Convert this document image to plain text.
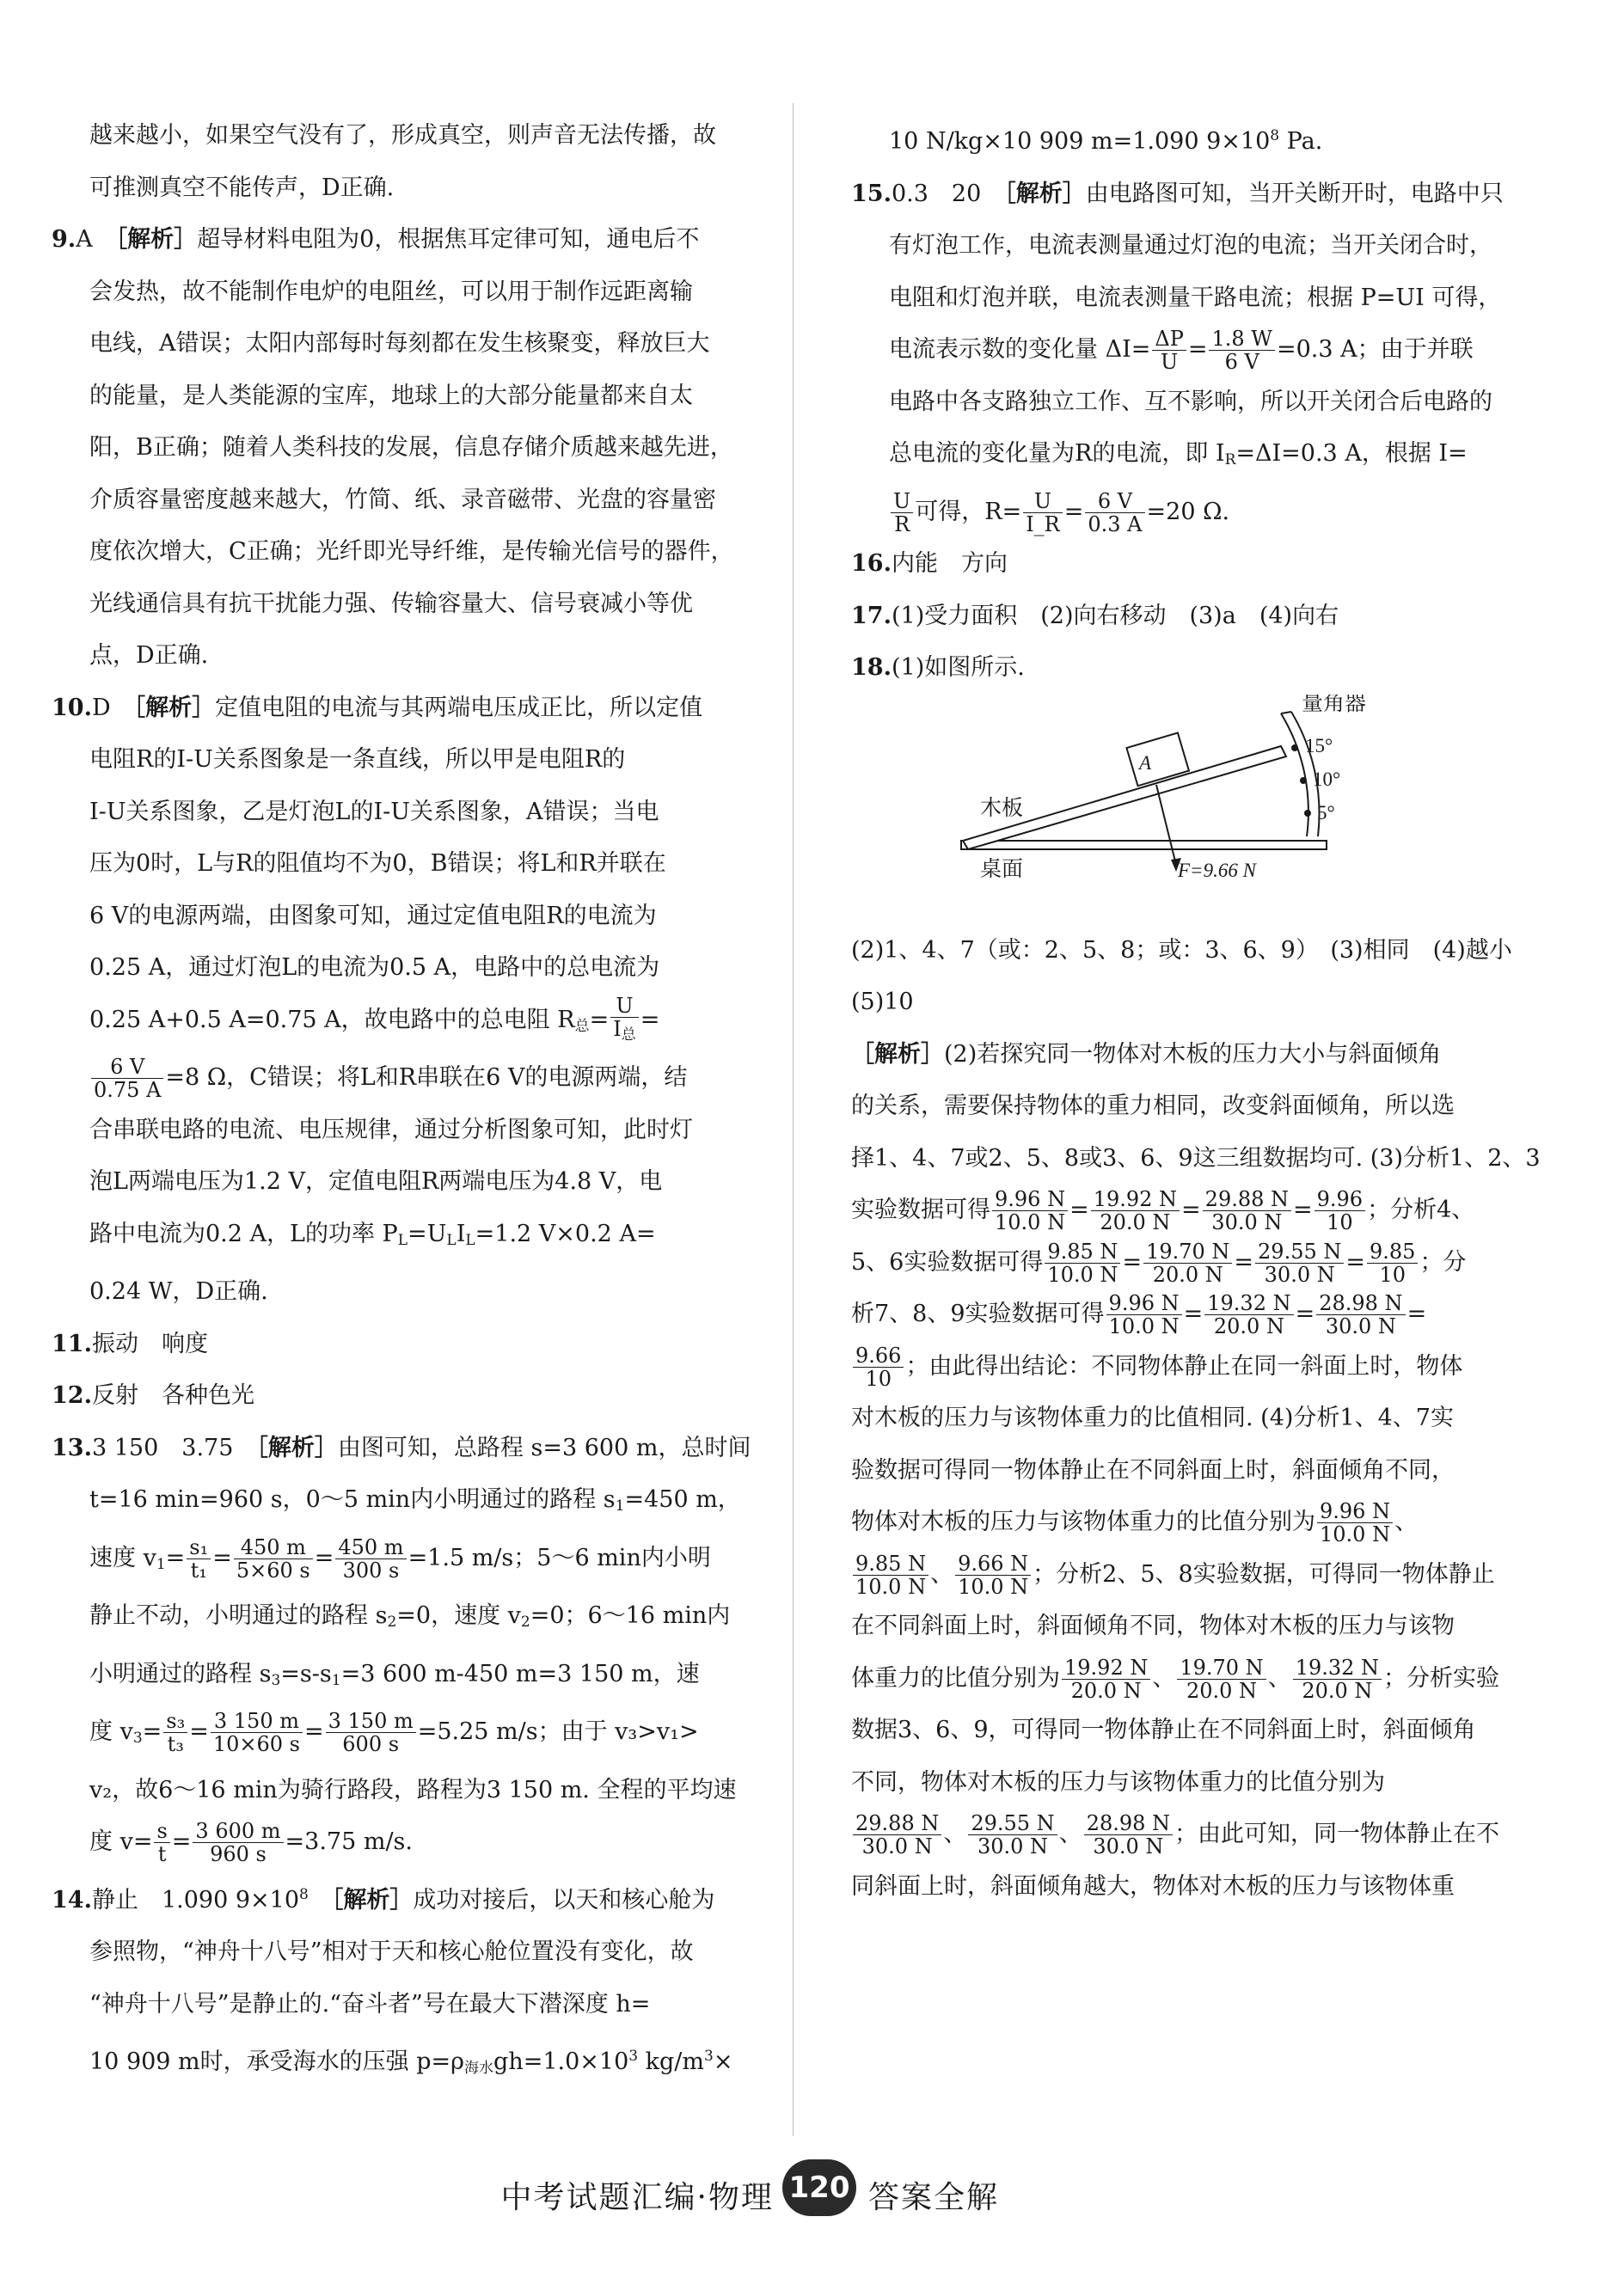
越来越小，如果空气没有了，形成真空，则声音无法传播，故
可推测真空不能传声，D正确.
9.A　 ［解析］超导材料电阻为0，根据焦耳定律可知，通电后不
会发热，故不能制作电炉的电阻丝，可以用于制作远距离输
电线，A错误；太阳内部每时每刻都在发生核聚变，释放巨大
的能量，是人类能源的宝库，地球上的大部分能量都来自太
阳，B正确；随着人类科技的发展，信息存储介质越来越先进，
介质容量密度越来越大，竹简、纸、录音磁带、光盘的容量密
度依次增大，C正确；光纤即光导纤维，是传输光信号的器件，
光线通信具有抗干扰能力强、传输容量大、信号衰减小等优
点，D正确.
10.D　 ［解析］定值电阻的电流与其两端电压成正比，所以定值
电阻R的I-U关系图象是一条直线，所以甲是电阻R的
I-U关系图象，乙是灯泡L的I-U关系图象，A错误；当电
压为0时，L与R的阻值均不为0，B错误；将L和R并联在
6 V的电源两端，由图象可知，通过定值电阻R的电流为
0.25 A，通过灯泡L的电流为0.5 A，电路中的总电流为
0.25 A+0.5 A=0.75 A，故电路中的总电阻 $R_总= \frac{U}{I_总}$ =
$\frac{6 V}{0.75 A} =8$ Ω，C错误；将L和R串联在6 V的电源两端，结
合串联电路的电流、电压规律，通过分析图象可知，此时灯
泡L两端电压为1.2 V，定值电阻R两端电压为4.8 V，电
路中电流为0.2 A，L的功率 $P_L=U_LI_L=1.2$ V×0.2 A=
0.24 W，D正确.
11.振动　响度
12.反射　各种色光
13.3 150　3.75　 ［解析］由图可知，总路程 s=3 600 m，总时间
t=16 min=960 s，0～5 min内小明通过的路程 $s_1=450$ m，
速度 $v_1= \frac{\text{s₁}}{\text{t₁}} = \frac{450 m}{5\times 60 s} = \frac{450 m}{300 s} =1.5$ m/s；5～6 min内小明
静止不动，小明通过的路程 $s_2=0$，速度 $v_2=0$；6～16 min内
小明通过的路程 $s_3=s-s_1=3$ 600 m-450 m=3 150 m，速
度 $v_3= \frac{\text{s₃}}{\text{t₃}} = \frac{3 150 m}{10\times 60 s} = \frac{3 150 m}{600 s} =5.25$ m/s；由于 v₃>v₁>
v₂，故6～16 min为骑行路段，路程为3 150 m. 全程的平均速
度 $v= \frac{s}{t} = \frac{3 600 m}{960 s} =3.75$ m/s.
14.静止　1.090 $9\times 10^8$　 ［解析］成功对接后，以天和核心舱为
参照物，“神舟十八号”相对于天和核心舱位置没有变化，故
“神舟十八号”是静止的.“奋斗者”号在最大下潜深度 h=
10 909 m时，承受海水的压强 $p=\rho_{海水}gh=1.0\times 10^3$ $kg/m^3\times$
10 N/kg×10 909 m=1.090 $9\times 10^8$ Pa.
15.0.3　20　 ［解析］由电路图可知，当开关断开时，电路中只
有灯泡工作，电流表测量通过灯泡的电流；当开关闭合时，
电阻和灯泡并联，电流表测量干路电流；根据 P=UI 可得，
电流表示数的变化量 $\Delta I= \frac{\Delta P}{U} = \frac{1.8 W}{6 V} =0.3$ A；由于并联
电路中各支路独立工作、互不影响，所以开关闭合后电路的
总电流的变化量为R的电流，即 $I_R=\Delta I=0.3$ A，根据 I=
$\frac{U}{R}$ 可得，$R= \frac{U}{I\_R} = \frac{6 V}{0.3 A} =20$ Ω.
16.内能　方向
17.(1)受力面积　(2)向右移动　(3)a　(4)向右
18.(1)如图所示.
量角器
15°
10°
5°
A
木板
桌面	F=9.66 N
(2)1、4、7（或：2、5、8；或：3、6、9）　(3)相同　(4)越小
(5)10
［解析］(2)若探究同一物体对木板的压力大小与斜面倾角
的关系，需要保持物体的重力相同，改变斜面倾角，所以选
择1、4、7或2、5、8或3、6、9这三组数据均可. (3)分析1、2、3
实验数据可得 $\frac{9.96 N}{10.0 N} = \frac{19.92 N}{20.0 N} = \frac{29.88 N}{30.0 N} = \frac{9.96}{10}$ ；分析4、
5、6实验数据可得 $\frac{9.85 N}{10.0 N} = \frac{19.70 N}{20.0 N} = \frac{29.55 N}{30.0 N} = \frac{9.85}{10}$ ；分
析7、8、9实验数据可得 $\frac{9.96 N}{10.0 N} = \frac{19.32 N}{20.0 N} = \frac{28.98 N}{30.0 N}$ =
$\frac{9.66}{10}$ ；由此得出结论：不同物体静止在同一斜面上时，物体
对木板的压力与该物体重力的比值相同. (4)分析1、4、7实
验数据可得同一物体静止在不同斜面上时，斜面倾角不同，
物体对木板的压力与该物体重力的比值分别为 $\frac{9.96 N}{10.0 N}$ 、
$\frac{9.85 N}{10.0 N}$ 、 $\frac{9.66 N}{10.0 N}$ ；分析2、5、8实验数据，可得同一物体静止
在不同斜面上时，斜面倾角不同，物体对木板的压力与该物
体重力的比值分别为 $\frac{19.92 N}{20.0 N}$ 、 $\frac{19.70 N}{20.0 N}$ 、 $\frac{19.32 N}{20.0 N}$ ；分析实验
数据3、6、9，可得同一物体静止在不同斜面上时，斜面倾角
不同，物体对木板的压力与该物体重力的比值分别为
$\frac{29.88 N}{30.0 N}$ 、 $\frac{29.55 N}{30.0 N}$ 、 $\frac{28.98 N}{30.0 N}$ ；由此可知，同一物体静止在不
同斜面上时，斜面倾角越大，物体对木板的压力与该物体重
中考试题汇编·物理 120 答案全解
